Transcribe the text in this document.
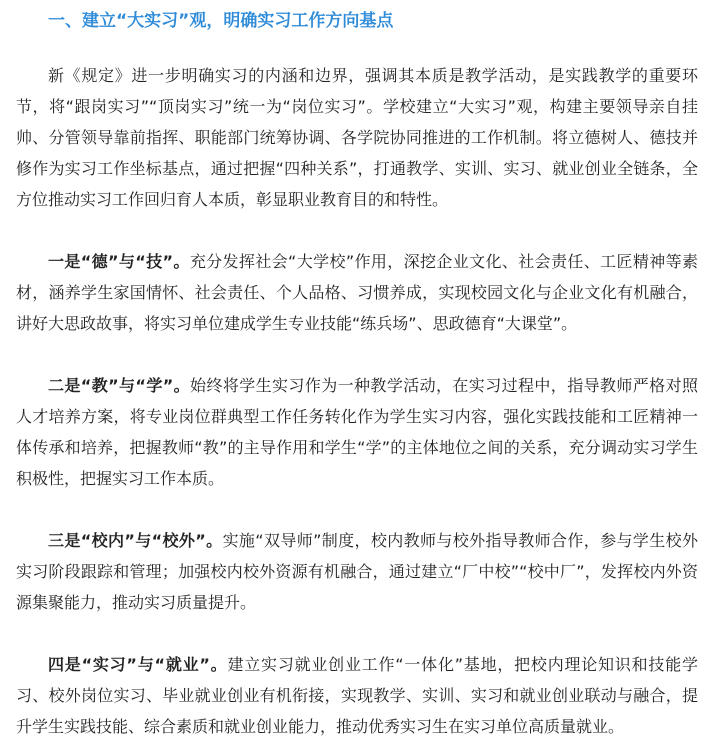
一、建立“大实习”观，明确实习工作方向基点

新《规定》进一步明确实习的内涵和边界，强调其本质是教学活动，是实践教学的重要环节，将“跟岗实习”“顶岗实习”统一为“岗位实习”。学校建立“大实习”观，构建主要领导亲自挂帅、分管领导靠前指挥、职能部门统筹协调、各学院协同推进的工作机制。将立德树人、德技并修作为实习工作坐标基点，通过把握“四种关系”，打通教学、实训、实习、就业创业全链条，全方位推动实习工作回归育人本质，彰显职业教育目的和特性。

一是“德”与“技”。充分发挥社会“大学校”作用，深挖企业文化、社会责任、工匠精神等素材，涵养学生家国情怀、社会责任、个人品格、习惯养成，实现校园文化与企业文化有机融合，讲好大思政故事，将实习单位建成学生专业技能“练兵场”、思政德育“大课堂”。

二是“教”与“学”。始终将学生实习作为一种教学活动，在实习过程中，指导教师严格对照人才培养方案，将专业岗位群典型工作任务转化作为学生实习内容，强化实践技能和工匠精神一体传承和培养，把握教师“教”的主导作用和学生“学”的主体地位之间的关系，充分调动实习学生积极性，把握实习工作本质。

三是“校内”与“校外”。实施“双导师”制度，校内教师与校外指导教师合作，参与学生校外实习阶段跟踪和管理；加强校内校外资源有机融合，通过建立“厂中校”“校中厂”，发挥校内外资源集聚能力，推动实习质量提升。

四是“实习”与“就业”。建立实习就业创业工作“一体化”基地，把校内理论知识和技能学习、校外岗位实习、毕业就业创业有机衔接，实现教学、实训、实习和就业创业联动与融合，提升学生实践技能、综合素质和就业创业能力，推动优秀实习生在实习单位高质量就业。
